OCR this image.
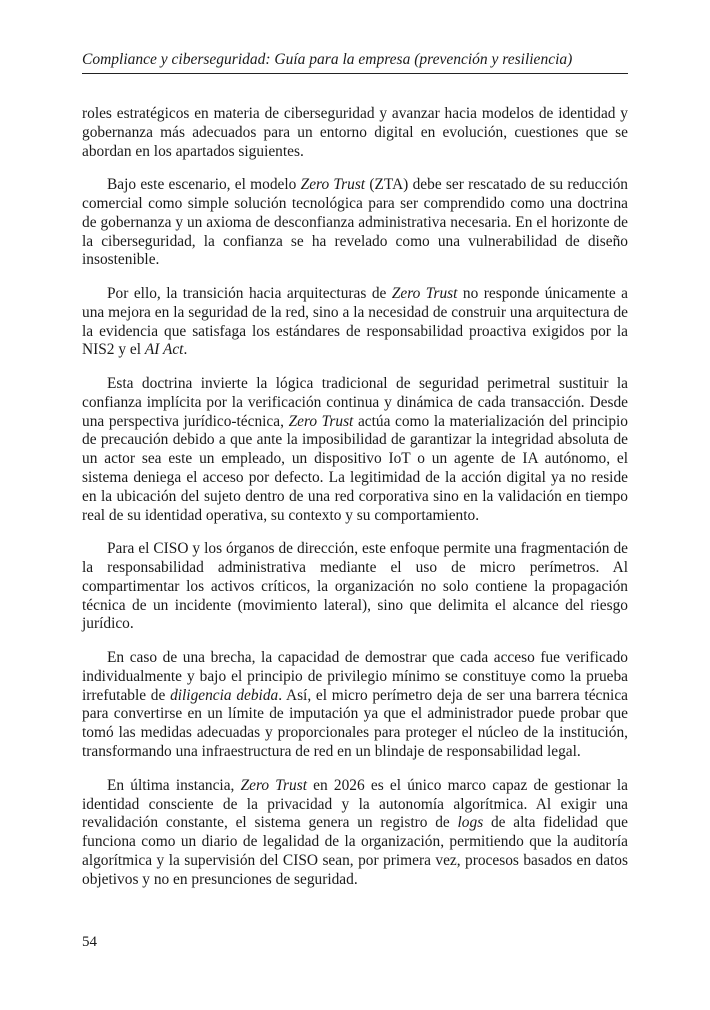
Compliance y ciberseguridad: Guía para la empresa (prevención y resiliencia)

roles estratégicos en materia de ciberseguridad y avanzar hacia modelos de identidad y gobernanza más adecuados para un entorno digital en evolución, cuestiones que se abordan en los apartados siguientes.

Bajo este escenario, el modelo Zero Trust (ZTA) debe ser rescatado de su reducción comercial como simple solución tecnológica para ser comprendido como una doctrina de gobernanza y un axioma de desconfianza administrativa necesaria. En el horizonte de la ciberseguridad, la confianza se ha revelado como una vulnerabilidad de diseño insostenible.

Por ello, la transición hacia arquitecturas de Zero Trust no responde únicamente a una mejora en la seguridad de la red, sino a la necesidad de construir una arquitectura de la evidencia que satisfaga los estándares de responsabilidad proactiva exigidos por la NIS2 y el AI Act.

Esta doctrina invierte la lógica tradicional de seguridad perimetral sustituir la confianza implícita por la verificación continua y dinámica de cada transacción. Desde una perspectiva jurídico-técnica, Zero Trust actúa como la materialización del principio de precaución debido a que ante la imposibilidad de garantizar la integridad absoluta de un actor sea este un empleado, un dispositivo IoT o un agente de IA autónomo, el sistema deniega el acceso por defecto. La legitimidad de la acción digital ya no reside en la ubicación del sujeto dentro de una red corporativa sino en la validación en tiempo real de su identidad operativa, su contexto y su comportamiento.

Para el CISO y los órganos de dirección, este enfoque permite una fragmentación de la responsabilidad administrativa mediante el uso de micro perímetros. Al compartimentar los activos críticos, la organización no solo contiene la propagación técnica de un incidente (movimiento lateral), sino que delimita el alcance del riesgo jurídico.

En caso de una brecha, la capacidad de demostrar que cada acceso fue verificado individualmente y bajo el principio de privilegio mínimo se constituye como la prueba irrefutable de diligencia debida. Así, el micro perímetro deja de ser una barrera técnica para convertirse en un límite de imputación ya que el administrador puede probar que tomó las medidas adecuadas y proporcionales para proteger el núcleo de la institución, transformando una infraestructura de red en un blindaje de responsabilidad legal.

En última instancia, Zero Trust en 2026 es el único marco capaz de gestionar la identidad consciente de la privacidad y la autonomía algorítmica. Al exigir una revalidación constante, el sistema genera un registro de logs de alta fidelidad que funciona como un diario de legalidad de la organización, permitiendo que la auditoría algorítmica y la supervisión del CISO sean, por primera vez, procesos basados en datos objetivos y no en presunciones de seguridad.

54
